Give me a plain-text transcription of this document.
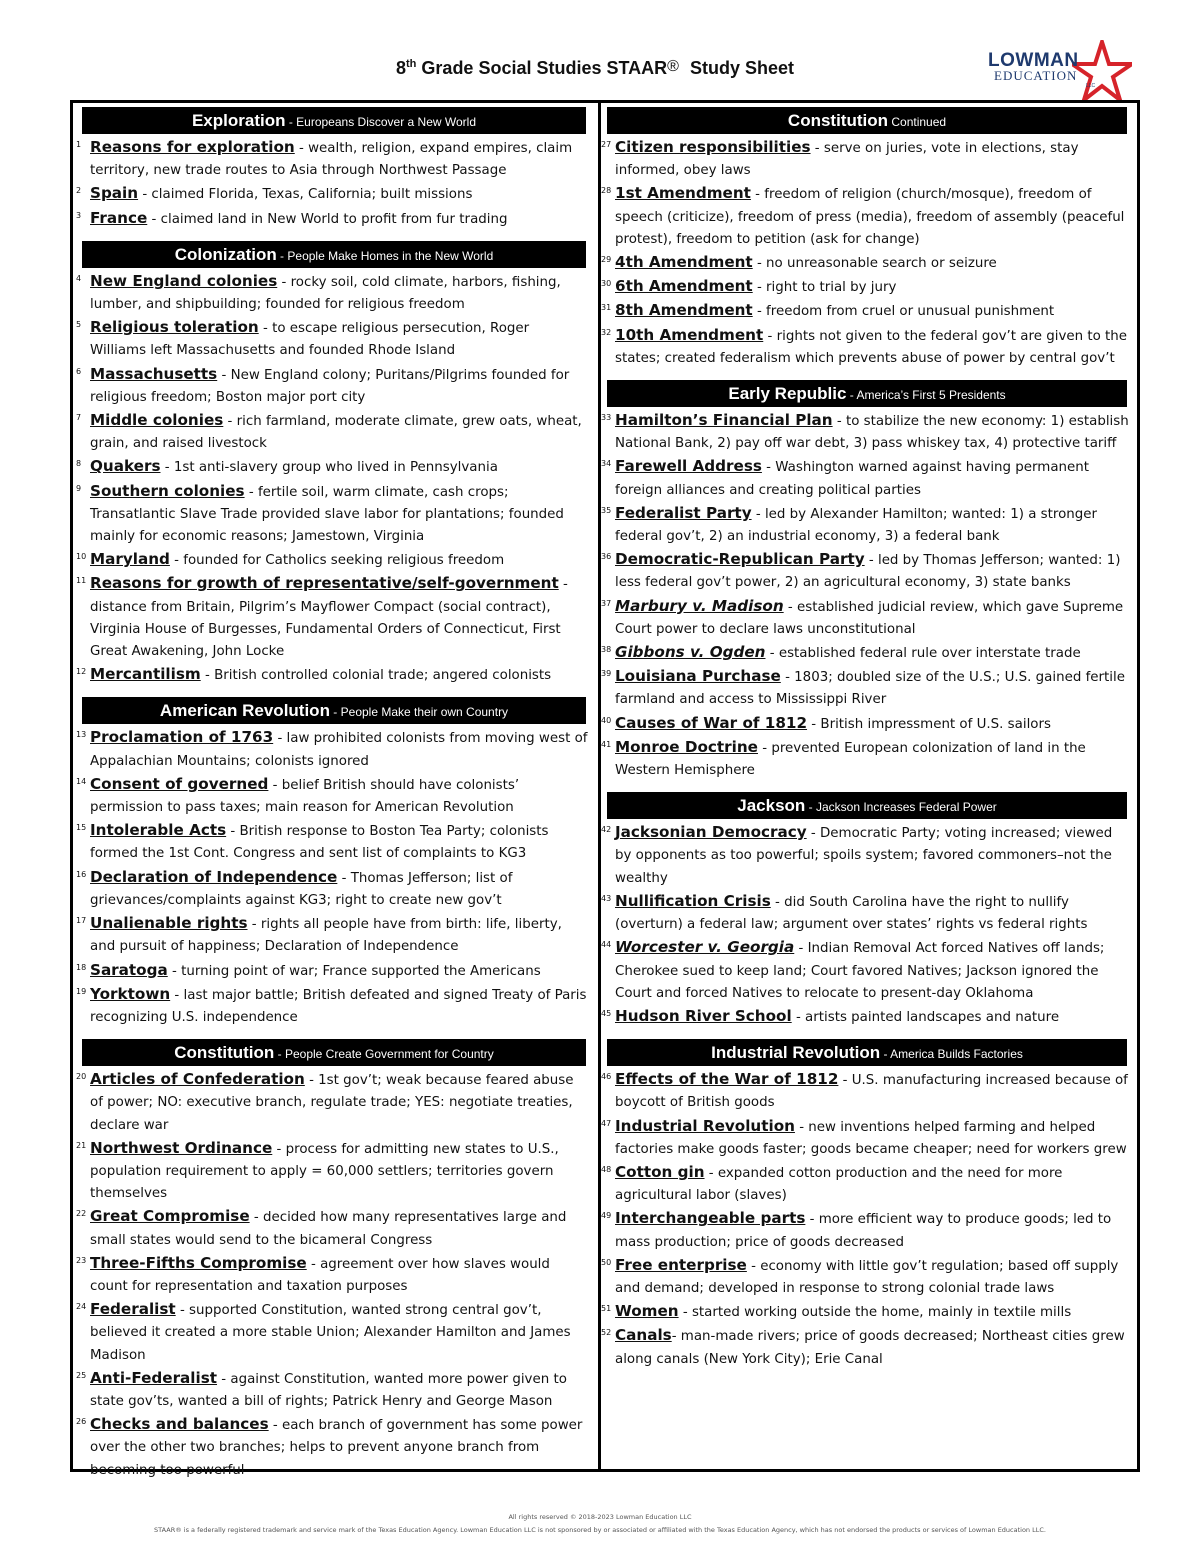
8th Grade Social Studies STAAR® Study Sheet	LOWMAN
EDUCATION
LLC
Exploration - Europeans Discover a New World
1 Reasons for exploration - wealth, religion, expand empires, claim territory, new trade routes to Asia through Northwest Passage
2 Spain - claimed Florida, Texas, California; built missions
3 France - claimed land in New World to profit from fur trading
Colonization - People Make Homes in the New World
4 New England colonies - rocky soil, cold climate, harbors, fishing, lumber, and shipbuilding; founded for religious freedom
5 Religious toleration - to escape religious persecution, Roger Williams left Massachusetts and founded Rhode Island
6 Massachusetts - New England colony; Puritans/Pilgrims founded for religious freedom; Boston major port city
7 Middle colonies - rich farmland, moderate climate, grew oats, wheat, grain, and raised livestock
8 Quakers - 1st anti-slavery group who lived in Pennsylvania
9 Southern colonies - fertile soil, warm climate, cash crops; Transatlantic Slave Trade provided slave labor for plantations; founded mainly for economic reasons; Jamestown, Virginia
10 Maryland - founded for Catholics seeking religious freedom
11 Reasons for growth of representative/self-government - distance from Britain, Pilgrim’s Mayflower Compact (social contract), Virginia House of Burgesses, Fundamental Orders of Connecticut, First Great Awakening, John Locke
12 Mercantilism - British controlled colonial trade; angered colonists
American Revolution - People Make their own Country
13 Proclamation of 1763 - law prohibited colonists from moving west of Appalachian Mountains; colonists ignored
14 Consent of governed - belief British should have colonists’ permission to pass taxes; main reason for American Revolution
15 Intolerable Acts - British response to Boston Tea Party; colonists formed the 1st Cont. Congress and sent list of complaints to KG3
16 Declaration of Independence - Thomas Jefferson; list of grievances/complaints against KG3; right to create new gov’t
17 Unalienable rights - rights all people have from birth: life, liberty, and pursuit of happiness; Declaration of Independence
18 Saratoga - turning point of war; France supported the Americans
19 Yorktown - last major battle; British defeated and signed Treaty of Paris recognizing U.S. independence
Constitution - People Create Government for Country
20 Articles of Confederation - 1st gov’t; weak because feared abuse of power; NO: executive branch, regulate trade; YES: negotiate treaties, declare war
21 Northwest Ordinance - process for admitting new states to U.S., population requirement to apply = 60,000 settlers; territories govern themselves
22 Great Compromise - decided how many representatives large and small states would send to the bicameral Congress
23 Three-Fifths Compromise - agreement over how slaves would count for representation and taxation purposes
24 Federalist - supported Constitution, wanted strong central gov’t, believed it created a more stable Union; Alexander Hamilton and James Madison
25 Anti-Federalist - against Constitution, wanted more power given to state gov’ts, wanted a bill of rights; Patrick Henry and George Mason
26 Checks and balances - each branch of government has some power over the other two branches; helps to prevent anyone branch from becoming too powerful
Constitution Continued
27 Citizen responsibilities - serve on juries, vote in elections, stay informed, obey laws
28 1st Amendment - freedom of religion (church/mosque), freedom of speech (criticize), freedom of press (media), freedom of assembly (peaceful protest), freedom to petition (ask for change)
29 4th Amendment - no unreasonable search or seizure
30 6th Amendment - right to trial by jury
31 8th Amendment - freedom from cruel or unusual punishment
32 10th Amendment - rights not given to the federal gov’t are given to the states; created federalism which prevents abuse of power by central gov’t
Early Republic - America’s First 5 Presidents
33 Hamilton’s Financial Plan - to stabilize the new economy: 1) establish National Bank, 2) pay off war debt, 3) pass whiskey tax, 4) protective tariff
34 Farewell Address - Washington warned against having permanent foreign alliances and creating political parties
35 Federalist Party - led by Alexander Hamilton; wanted: 1) a stronger federal gov’t, 2) an industrial economy, 3) a federal bank
36 Democratic-Republican Party - led by Thomas Jefferson; wanted: 1) less federal gov’t power, 2) an agricultural economy, 3) state banks
37 Marbury v. Madison - established judicial review, which gave Supreme Court power to declare laws unconstitutional
38 Gibbons v. Ogden - established federal rule over interstate trade
39 Louisiana Purchase - 1803; doubled size of the U.S.; U.S. gained fertile farmland and access to Mississippi River
40 Causes of War of 1812 - British impressment of U.S. sailors
41 Monroe Doctrine - prevented European colonization of land in the Western Hemisphere
Jackson - Jackson Increases Federal Power
42 Jacksonian Democracy - Democratic Party; voting increased; viewed by opponents as too powerful; spoils system; favored commoners–not the wealthy
43 Nullification Crisis - did South Carolina have the right to nullify (overturn) a federal law; argument over states’ rights vs federal rights
44 Worcester v. Georgia - Indian Removal Act forced Natives off lands; Cherokee sued to keep land; Court favored Natives; Jackson ignored the Court and forced Natives to relocate to present-day Oklahoma
45 Hudson River School - artists painted landscapes and nature
Industrial Revolution - America Builds Factories
46 Effects of the War of 1812 - U.S. manufacturing increased because of boycott of British goods
47 Industrial Revolution - new inventions helped farming and helped factories make goods faster; goods became cheaper; need for workers grew
48 Cotton gin - expanded cotton production and the need for more agricultural labor (slaves)
49 Interchangeable parts - more efficient way to produce goods; led to mass production; price of goods decreased
50 Free enterprise - economy with little gov’t regulation; based off supply and demand; developed in response to strong colonial trade laws
51 Women - started working outside the home, mainly in textile mills
52 Canals- man-made rivers; price of goods decreased; Northeast cities grew along canals (New York City); Erie Canal
All rights reserved © 2018-2023 Lowman Education LLC
STAAR® is a federally registered trademark and service mark of the Texas Education Agency. Lowman Education LLC is not sponsored by or associated or affiliated with the Texas Education Agency, which has not endorsed the products or services of Lowman Education LLC.
